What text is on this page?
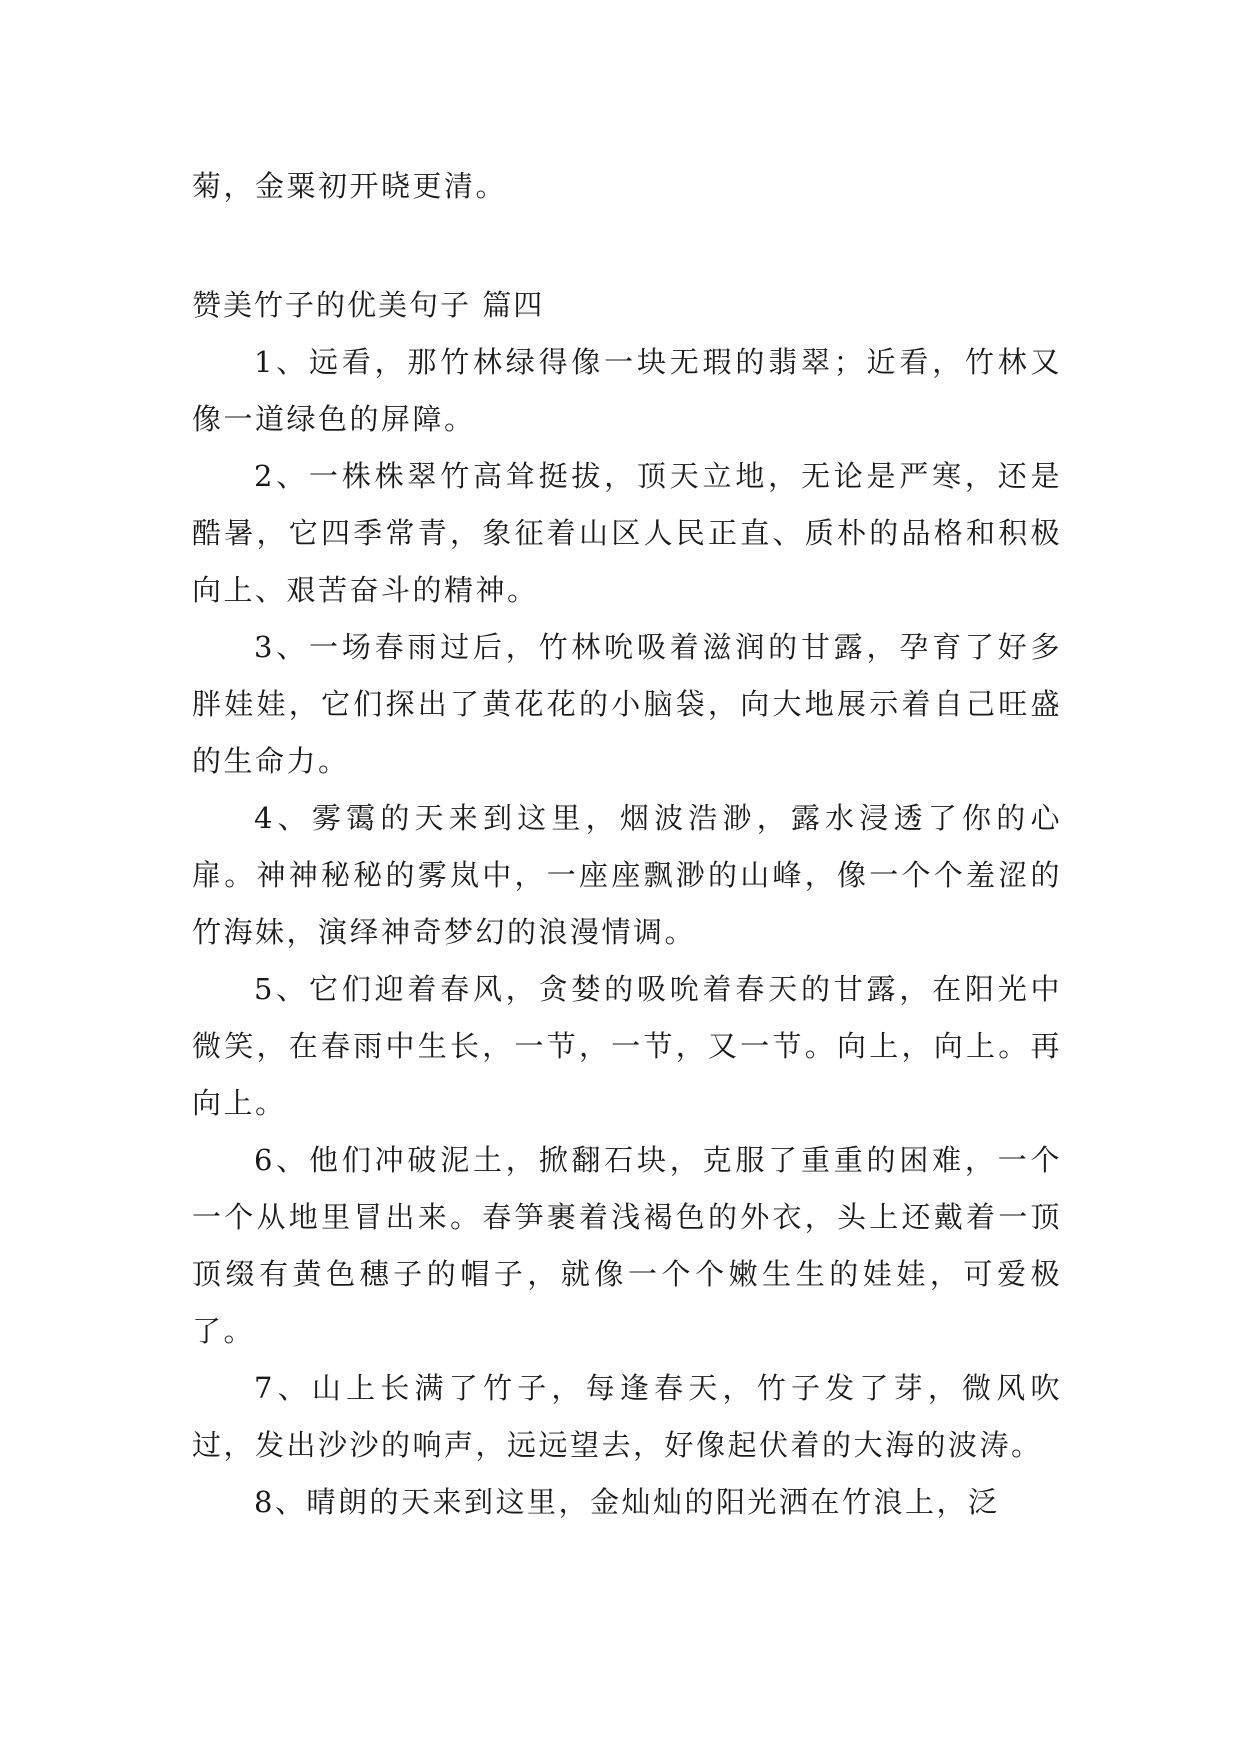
菊，金粟初开晓更清。

赞美竹子的优美句子 篇四

1、远看，那竹林绿得像一块无瑕的翡翠；近看，竹林又像一道绿色的屏障。

2、一株株翠竹高耸挺拔，顶天立地，无论是严寒，还是酷暑，它四季常青，象征着山区人民正直、质朴的品格和积极向上、艰苦奋斗的精神。

3、一场春雨过后，竹林吮吸着滋润的甘露，孕育了好多胖娃娃，它们探出了黄花花的小脑袋，向大地展示着自己旺盛的生命力。

4、雾霭的天来到这里，烟波浩渺，露水浸透了你的心扉。神神秘秘的雾岚中，一座座飘渺的山峰，像一个个羞涩的竹海妹，演绎神奇梦幻的浪漫情调。

5、它们迎着春风，贪婪的吸吮着春天的甘露，在阳光中微笑，在春雨中生长，一节，一节，又一节。向上，向上。再向上。

6、他们冲破泥土，掀翻石块，克服了重重的困难，一个一个从地里冒出来。春笋裹着浅褐色的外衣，头上还戴着一顶顶缀有黄色穗子的帽子，就像一个个嫩生生的娃娃，可爱极了。

7、山上长满了竹子，每逢春天，竹子发了芽，微风吹过，发出沙沙的响声，远远望去，好像起伏着的大海的波涛。

8、晴朗的天来到这里，金灿灿的阳光洒在竹浪上，泛
